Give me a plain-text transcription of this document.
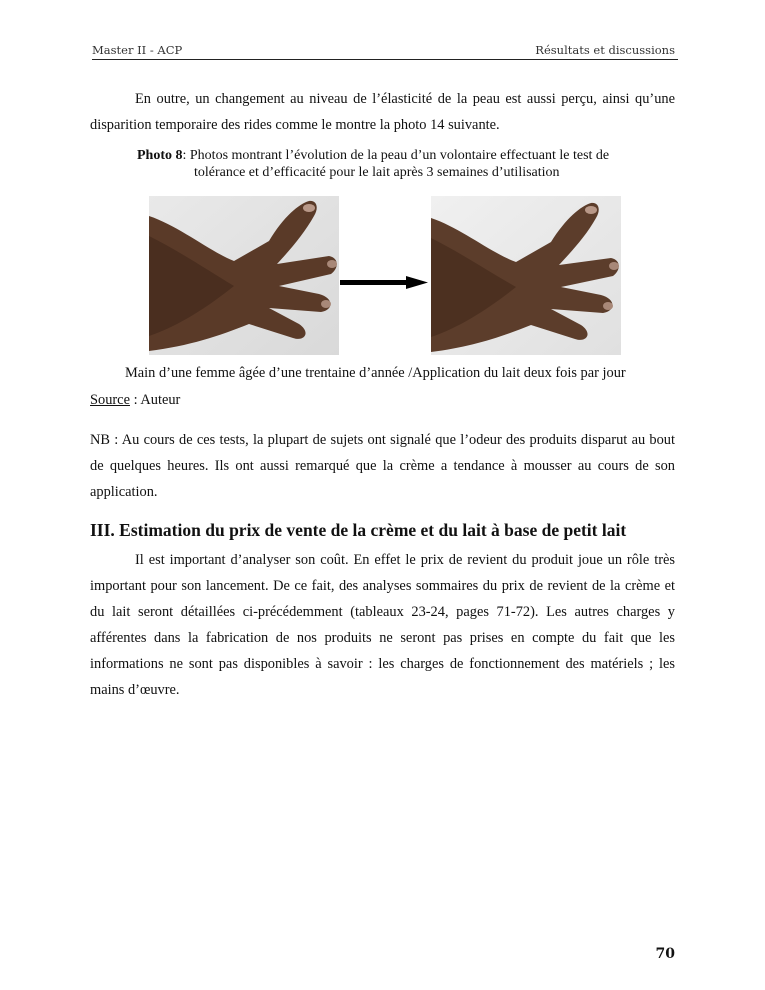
Master II - ACP	Résultats et discussions

En outre, un changement au niveau de l’élasticité de la peau est aussi perçu, ainsi qu’une disparition temporaire des rides comme le montre la photo 14 suivante.

Photo 8: Photos montrant l’évolution de la peau d’un volontaire effectuant le test de
tolérance et d’efficacité pour le lait après 3 semaines d’utilisation
Main d’une femme âgée d’une trentaine d’année /Application du lait deux fois par jour
Source : Auteur

NB : Au cours de ces tests, la plupart de sujets ont signalé que l’odeur des produits disparut au bout de quelques heures. Ils ont aussi remarqué que la crème a tendance à mousser au cours de son application.

III. Estimation du prix de vente de la crème et du lait à base de petit lait

Il est important d’analyser son coût. En effet le prix de revient du produit joue un rôle très important pour son lancement. De ce fait, des analyses sommaires du prix de revient de la crème et du lait seront détaillées ci-précédemment (tableaux 23-24, pages 71-72). Les autres charges y afférentes dans la fabrication de nos produits ne seront pas prises en compte du fait que les informations ne sont pas disponibles à savoir : les charges de fonctionnement des matériels ; les mains d’œuvre.

70
